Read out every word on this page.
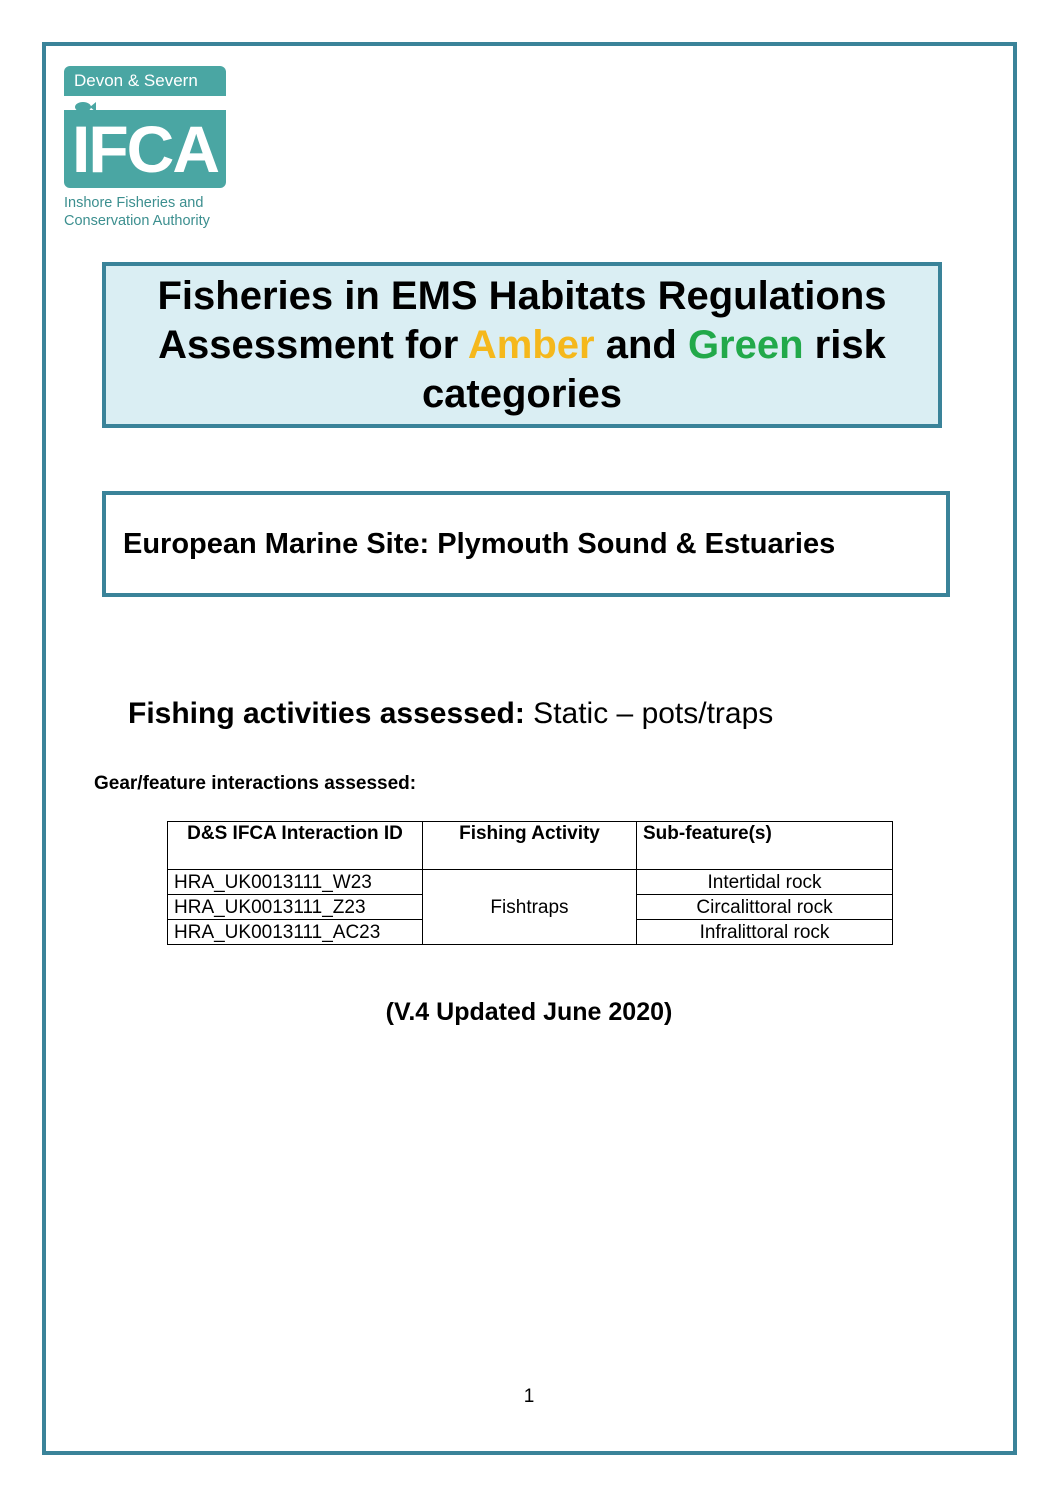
Devon & Severn
IFCA
Inshore Fisheries and
Conservation Authority
Fisheries in EMS Habitats Regulations Assessment for Amber and Green risk categories
European Marine Site: Plymouth Sound & Estuaries
Fishing activities assessed: Static – pots/traps
Gear/feature interactions assessed:
D&S IFCA Interaction ID	Fishing Activity	Sub-feature(s)
HRA_UK0013111_W23	Fishtraps	Intertidal rock
HRA_UK0013111_Z23		Circalittoral rock
HRA_UK0013111_AC23		Infralittoral rock
(V.4 Updated June 2020)
1
